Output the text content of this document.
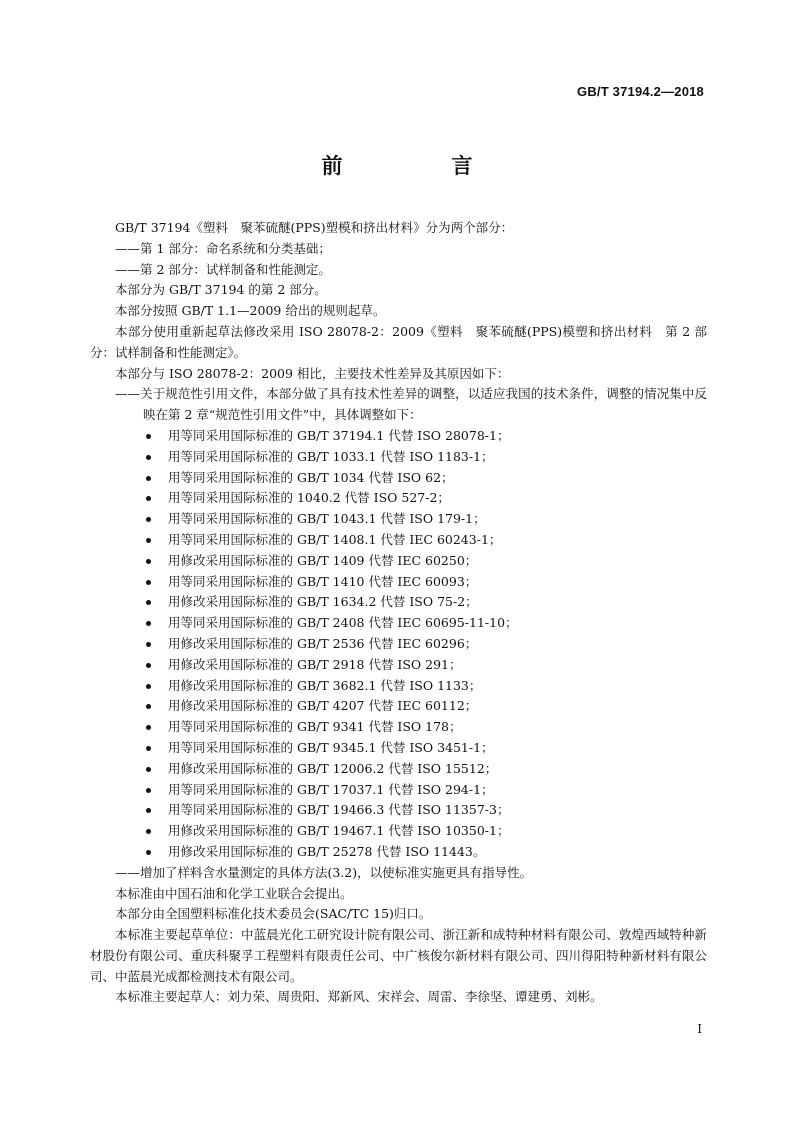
GB/T 37194.2—2018
前　言
GB/T 37194《塑料　聚苯硫醚(PPS)塑模和挤出材料》分为两个部分：
——第 1 部分：命名系统和分类基础；
——第 2 部分：试样制备和性能测定。
本部分为 GB/T 37194 的第 2 部分。
本部分按照 GB/T 1.1—2009 给出的规则起草。
本部分使用重新起草法修改采用 ISO 28078-2：2009《塑料　聚苯硫醚(PPS)模塑和挤出材料　第 2 部分：试样制备和性能测定》。
本部分与 ISO 28078-2：2009 相比，主要技术性差异及其原因如下：
——关于规范性引用文件，本部分做了具有技术性差异的调整，以适应我国的技术条件，调整的情况集中反映在第 2 章“规范性引用文件”中，具体调整如下：
用等同采用国际标准的 GB/T 37194.1 代替 ISO 28078-1；
用等同采用国际标准的 GB/T 1033.1 代替 ISO 1183-1；
用等同采用国际标准的 GB/T 1034 代替 ISO 62；
用等同采用国际标准的 1040.2 代替 ISO 527-2；
用等同采用国际标准的 GB/T 1043.1 代替 ISO 179-1；
用等同采用国际标准的 GB/T 1408.1 代替 IEC 60243-1；
用修改采用国际标准的 GB/T 1409 代替 IEC 60250；
用等同采用国际标准的 GB/T 1410 代替 IEC 60093；
用修改采用国际标准的 GB/T 1634.2 代替 ISO 75-2；
用等同采用国际标准的 GB/T 2408 代替 IEC 60695-11-10；
用修改采用国际标准的 GB/T 2536 代替 IEC 60296；
用修改采用国际标准的 GB/T 2918 代替 ISO 291；
用修改采用国际标准的 GB/T 3682.1 代替 ISO 1133；
用修改采用国际标准的 GB/T 4207 代替 IEC 60112；
用等同采用国际标准的 GB/T 9341 代替 ISO 178；
用等同采用国际标准的 GB/T 9345.1 代替 ISO 3451-1；
用修改采用国际标准的 GB/T 12006.2 代替 ISO 15512；
用等同采用国际标准的 GB/T 17037.1 代替 ISO 294-1；
用等同采用国际标准的 GB/T 19466.3 代替 ISO 11357-3；
用修改采用国际标准的 GB/T 19467.1 代替 ISO 10350-1；
用修改采用国际标准的 GB/T 25278 代替 ISO 11443。
——增加了样料含水量测定的具体方法(3.2)，以使标准实施更具有指导性。
本标准由中国石油和化学工业联合会提出。
本部分由全国塑料标准化技术委员会(SAC/TC 15)归口。
本标准主要起草单位：中蓝晨光化工研究设计院有限公司、浙江新和成特种材料有限公司、敦煌西域特种新材股份有限公司、重庆科聚孚工程塑料有限责任公司、中广核俊尔新材料有限公司、四川得阳特种新材料有限公司、中蓝晨光成都检测技术有限公司。
本标准主要起草人：刘力荣、周贵阳、郑新风、宋祥会、周雷、李徐坚、谭建勇、刘彬。
I
